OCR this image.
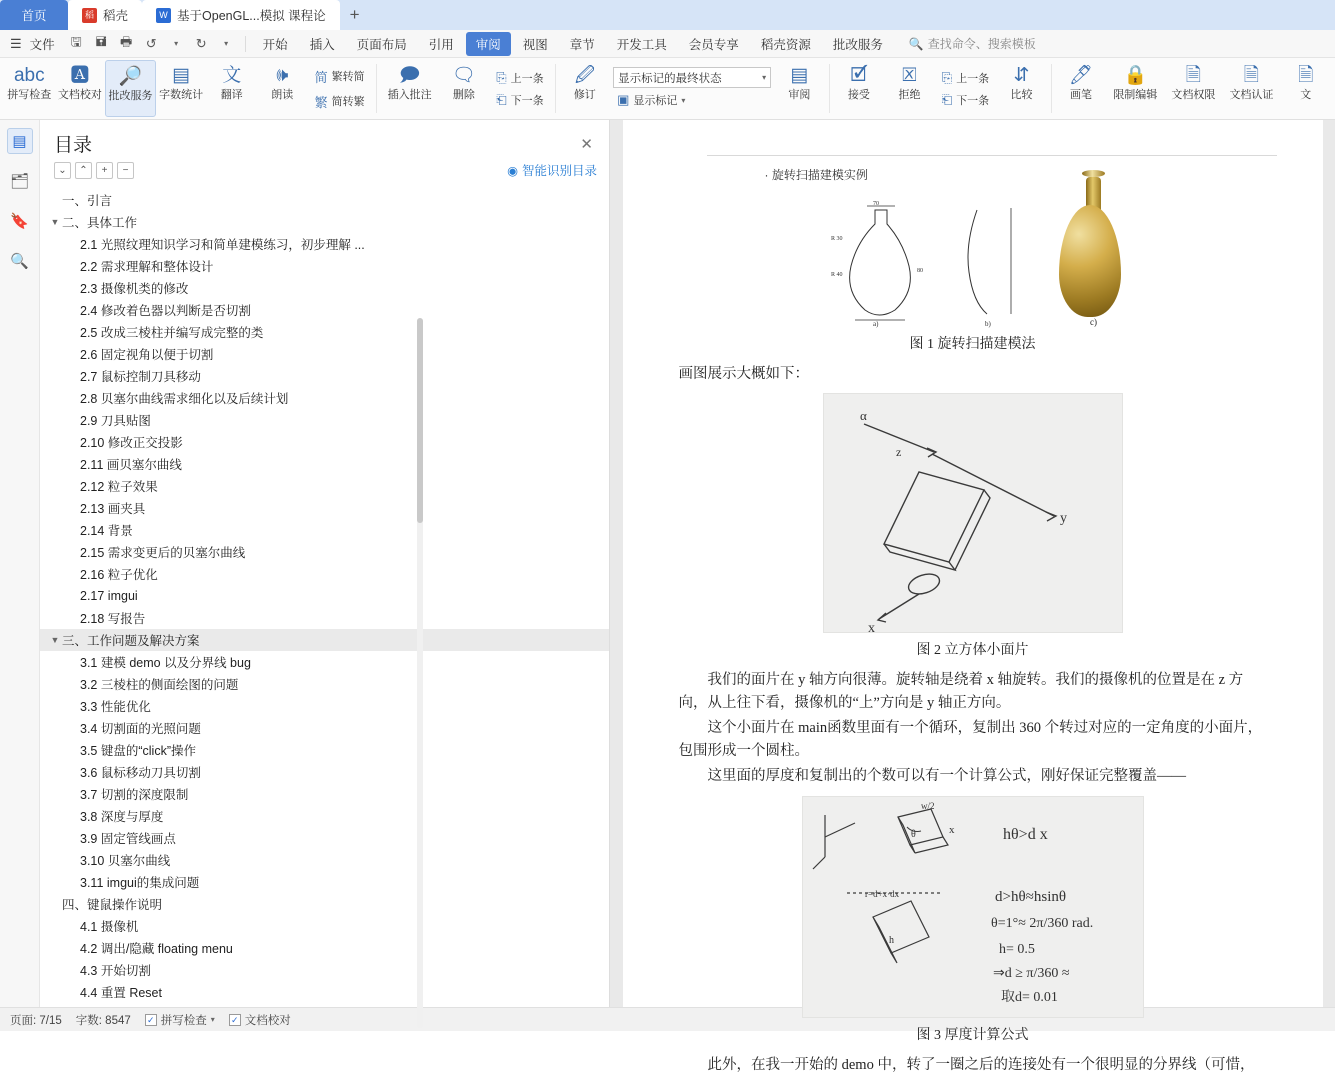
首页	稻 稻壳	W 基于OpenGL...模拟 课程论	+
☰ 文件	🖫	🖬	🖶	↺	▾	↻	▾	开始	插入	页面布局	引用	审阅	视图	章节	开发工具	会员专享	稻壳资源	批改服务	🔍 查找命令、搜索模板
abc
拼写检查
🅰
文档校对
🔎
批改服务
▤
字数统计
文
翻译
🕪
朗读
简 繁转简
繁 简转繁
🗩
插入批注
🗨
删除
⎘ 上一条
⎗ 下一条
🖉
修订
显示标记的最终状态	▾
▣ 显示标记 ▾
▤
审阅
🗹
接受
🗵
拒绝
⎘ 上一条
⎗ 下一条
⇵
比较
🖊
画笔
🔒
限制编辑
🗎
文档权限
🗎
文档认证
🗎
文
▤
🗂
🔖
🔍
目录	✕
⌄	⌃	+	−	◉ 智能识别目录
一、引言
▼ 二、具体工作
2.1 光照纹理知识学习和简单建模练习，初步理解 ...
2.2 需求理解和整体设计
2.3 摄像机类的修改
2.4 修改着色器以判断是否切割
2.5 改成三棱柱并编写成完整的类
2.6 固定视角以便于切割
2.7 鼠标控制刀具移动
2.8 贝塞尔曲线需求细化以及后续计划
2.9 刀具贴图
2.10 修改正交投影
2.11 画贝塞尔曲线
2.12 粒子效果
2.13 画夹具
2.14 背景
2.15 需求变更后的贝塞尔曲线
2.16 粒子优化
2.17 imgui
2.18 写报告
▼ 三、工作问题及解决方案
3.1 建模 demo 以及分界线 bug
3.2 三棱柱的侧面绘图的问题
3.3 性能优化
3.4 切割面的光照问题
3.5 键盘的“click”操作
3.6 鼠标移动刀具切割
3.7 切割的深度限制
3.8 深度与厚度
3.9 固定管线画点
3.10 贝塞尔曲线
3.11 imgui的集成问题
四、键鼠操作说明
4.1 摄像机
4.2 调出/隐藏 floating menu
4.3 开始切割
4.4 重置 Reset
· 旋转扫描建模实例
70
R 30
R 40
80
a)	b)	c)
图 1 旋转扫描建模法
画图展示大概如下：
α
y
x
z
图 2 立方体小面片
我们的面片在 y 轴方向很薄。旋转轴是绕着 x 轴旋转。我们的摄像机的位置是在 z 方向，从上往下看，摄像机的“上”方向是 y 轴正方向。
这个小面片在 main函数里面有一个循环，复制出 360 个转过对应的一定角度的小面片，包围形成一个圆柱。
这里面的厚度和复制出的个数可以有一个计算公式，刚好保证完整覆盖——
w/2
x
θ
r=d+x·dx
h
hθ>d x
d>hθ≈hsinθ
θ=1°≈ 2π/360 rad.
h= 0.5
⇒d ≥ π/360 ≈
取d= 0.01
图 3 厚度计算公式
此外，在我一开始的 demo 中，转了一圈之后的连接处有一个很明显的分界线（可惜，
页面: 7/15 字数: 8547 ✓ 拼写检查 ▾ ✓ 文档校对
